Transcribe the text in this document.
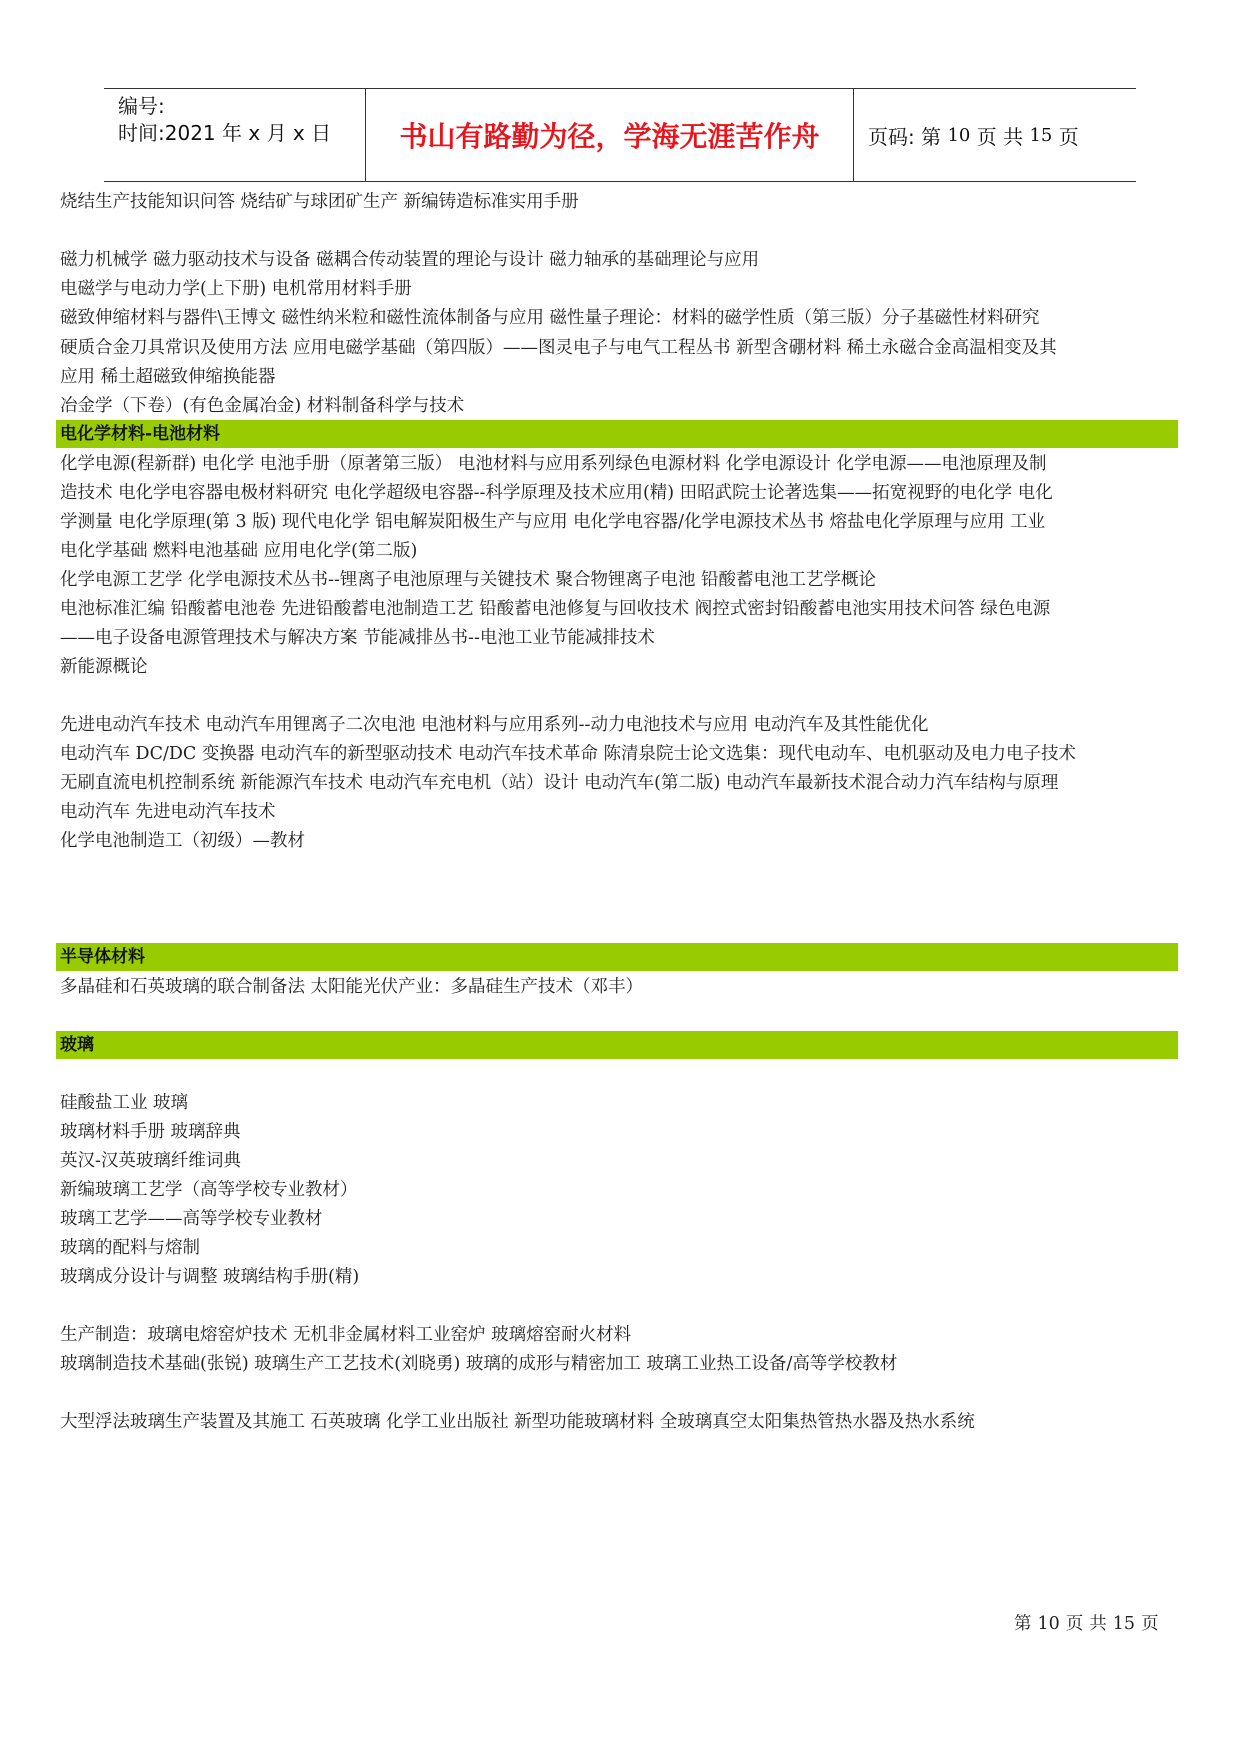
编号:
时间:2021 年 x 月 x 日	书山有路勤为径，学海无涯苦作舟	页码:
第
10
页 共
15
页
烧结生产技能知识问答 烧结矿与球团矿生产 新编铸造标准实用手册
磁力机械学 磁力驱动技术与设备 磁耦合传动装置的理论与设计 磁力轴承的基础理论与应用
电磁学与电动力学(上下册) 电机常用材料手册
磁致伸缩材料与器件\王博文 磁性纳米粒和磁性流体制备与应用 磁性量子理论：材料的磁学性质（第三版）分子基磁性材料研究
硬质合金刀具常识及使用方法 应用电磁学基础（第四版）——图灵电子与电气工程丛书 新型含硼材料 稀土永磁合金高温相变及其
应用 稀土超磁致伸缩换能器
冶金学（下卷）(有色金属冶金) 材料制备科学与技术
电化学材料-电池材料
化学电源(程新群) 电化学 电池手册（原著第三版） 电池材料与应用系列绿色电源材料 化学电源设计 化学电源——电池原理及制
造技术 电化学电容器电极材料研究 电化学超级电容器--科学原理及技术应用(精) 田昭武院士论著选集——拓宽视野的电化学 电化
学测量 电化学原理(第 3 版) 现代电化学 铝电解炭阳极生产与应用 电化学电容器/化学电源技术丛书 熔盐电化学原理与应用 工业
电化学基础 燃料电池基础 应用电化学(第二版)
化学电源工艺学 化学电源技术丛书--锂离子电池原理与关键技术 聚合物锂离子电池 铅酸蓄电池工艺学概论
电池标准汇编 铅酸蓄电池卷 先进铅酸蓄电池制造工艺 铅酸蓄电池修复与回收技术 阀控式密封铅酸蓄电池实用技术问答 绿色电源
——电子设备电源管理技术与解决方案 节能减排丛书--电池工业节能减排技术
新能源概论
先进电动汽车技术 电动汽车用锂离子二次电池 电池材料与应用系列--动力电池技术与应用 电动汽车及其性能优化
电动汽车 DC/DC 变换器 电动汽车的新型驱动技术 电动汽车技术革命 陈清泉院士论文选集：现代电动车、电机驱动及电力电子技术
无刷直流电机控制系统 新能源汽车技术 电动汽车充电机（站）设计 电动汽车(第二版) 电动汽车最新技术混合动力汽车结构与原理
电动汽车 先进电动汽车技术
化学电池制造工（初级）—教材
半导体材料
多晶硅和石英玻璃的联合制备法 太阳能光伏产业：多晶硅生产技术（邓丰）
玻璃
硅酸盐工业 玻璃
玻璃材料手册 玻璃辞典
英汉-汉英玻璃纤维词典
新编玻璃工艺学（高等学校专业教材）
玻璃工艺学——高等学校专业教材
玻璃的配料与熔制
玻璃成分设计与调整 玻璃结构手册(精)
生产制造：玻璃电熔窑炉技术 无机非金属材料工业窑炉 玻璃熔窑耐火材料
玻璃制造技术基础(张锐) 玻璃生产工艺技术(刘晓勇) 玻璃的成形与精密加工 玻璃工业热工设备/高等学校教材
大型浮法玻璃生产装置及其施工 石英玻璃 化学工业出版社 新型功能玻璃材料 全玻璃真空太阳集热管热水器及热水系统
第 10 页 共 15 页
